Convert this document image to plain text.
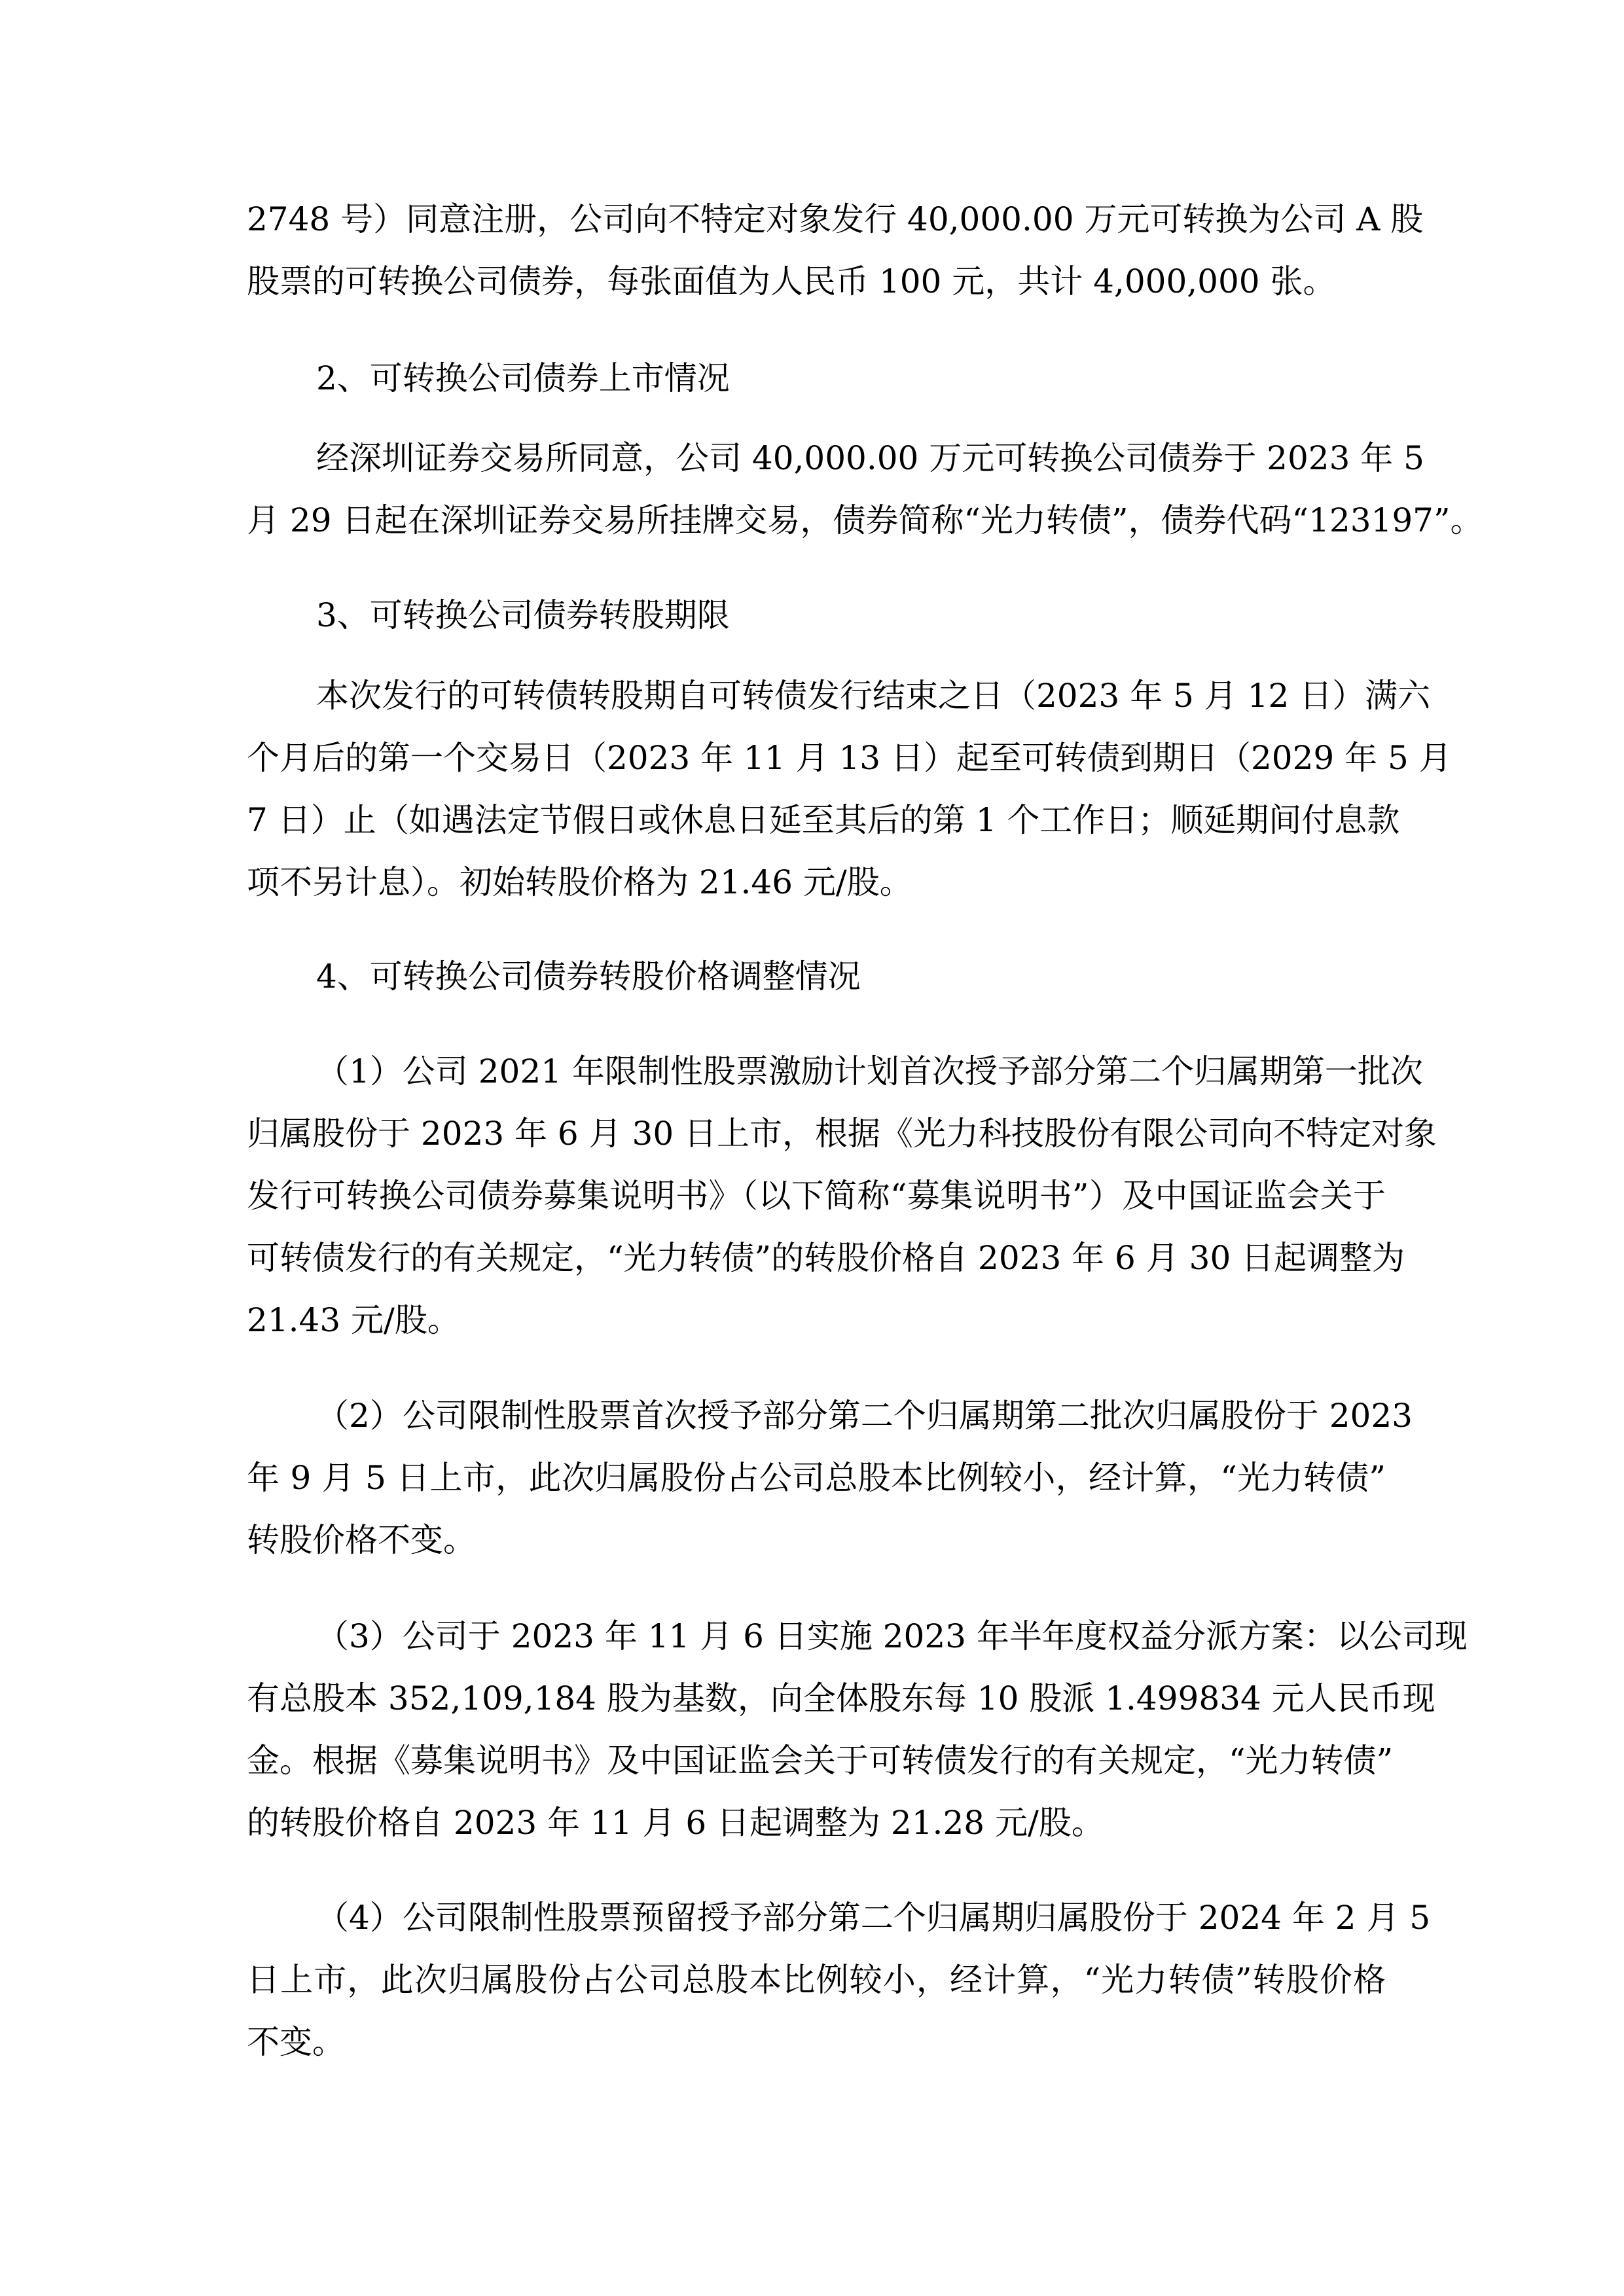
2748 号）同意注册，公司向不特定对象发行 40,000.00 万元可转换为公司 A 股
股票的可转换公司债券，每张面值为人民币 100 元，共计 4,000,000 张。
2、可转换公司债券上市情况
经深圳证券交易所同意，公司 40,000.00 万元可转换公司债券于 2023 年 5
月 29 日起在深圳证券交易所挂牌交易，债券简称“光力转债”，债券代码“123197”。
3、可转换公司债券转股期限
本次发行的可转债转股期自可转债发行结束之日（2023 年 5 月 12 日）满六
个月后的第一个交易日（2023 年 11 月 13 日）起至可转债到期日（2029 年 5 月
7 日）止（如遇法定节假日或休息日延至其后的第 1 个工作日；顺延期间付息款
项不另计息）。初始转股价格为 21.46 元/股。
4、可转换公司债券转股价格调整情况
（1）公司 2021 年限制性股票激励计划首次授予部分第二个归属期第一批次
归属股份于 2023 年 6 月 30 日上市，根据《光力科技股份有限公司向不特定对象
发行可转换公司债券募集说明书》（以下简称“募集说明书”）及中国证监会关于
可转债发行的有关规定，“光力转债”的转股价格自 2023 年 6 月 30 日起调整为
21.43 元/股。
（2）公司限制性股票首次授予部分第二个归属期第二批次归属股份于 2023
年 9 月 5 日上市，此次归属股份占公司总股本比例较小，经计算，“光力转债”
转股价格不变。
（3）公司于 2023 年 11 月 6 日实施 2023 年半年度权益分派方案：以公司现
有总股本 352,109,184 股为基数，向全体股东每 10 股派 1.499834 元人民币现
金。根据《募集说明书》及中国证监会关于可转债发行的有关规定，“光力转债”
的转股价格自 2023 年 11 月 6 日起调整为 21.28 元/股。
（4）公司限制性股票预留授予部分第二个归属期归属股份于 2024 年 2 月 5
日上市，此次归属股份占公司总股本比例较小，经计算，“光力转债”转股价格
不变。
